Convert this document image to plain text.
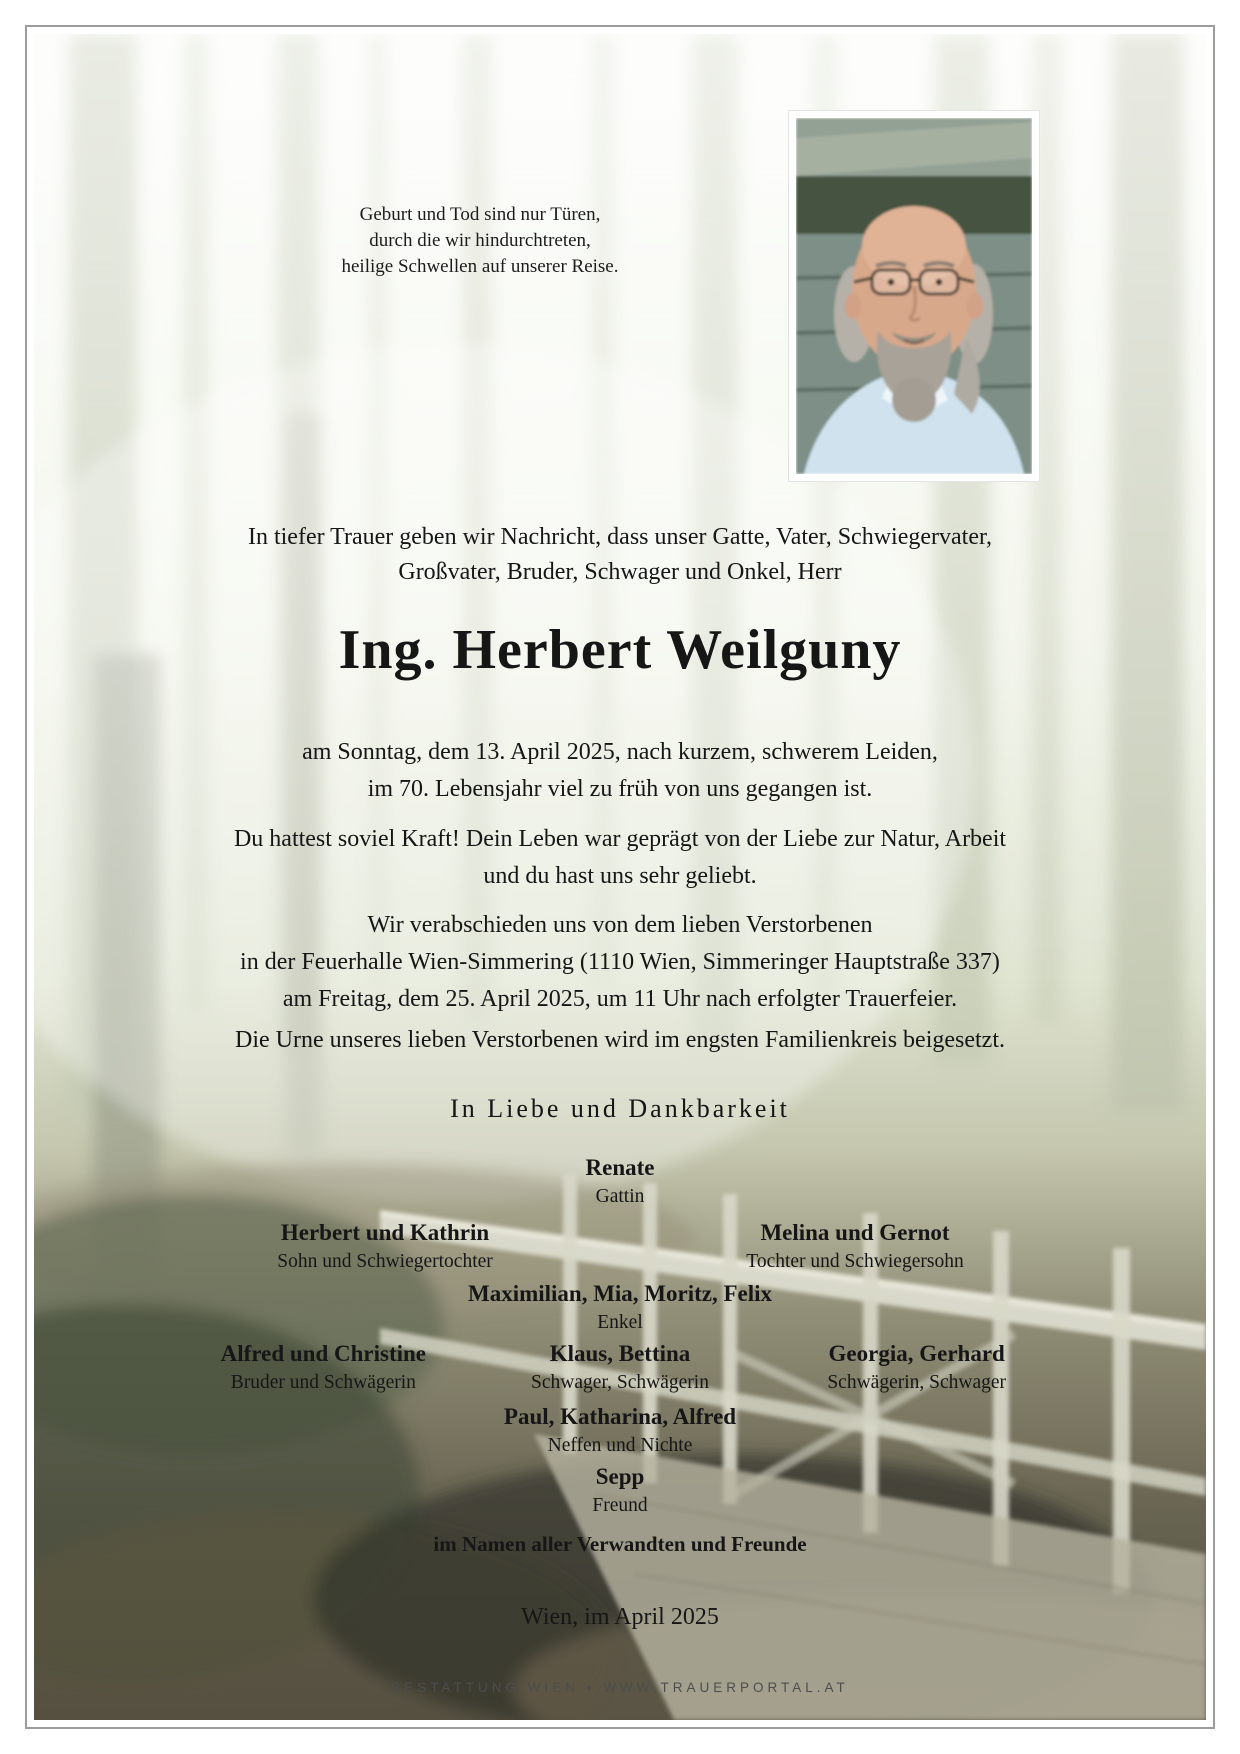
Geburt und Tod sind nur Türen,
durch die wir hindurchtreten,
heilige Schwellen auf unserer Reise.
In tiefer Trauer geben wir Nachricht, dass unser Gatte, Vater, Schwiegervater,
Großvater, Bruder, Schwager und Onkel, Herr
Ing. Herbert Weilguny
am Sonntag, dem 13. April 2025, nach kurzem, schwerem Leiden,
im 70. Lebensjahr viel zu früh von uns gegangen ist.
Du hattest soviel Kraft! Dein Leben war geprägt von der Liebe zur Natur, Arbeit
und du hast uns sehr geliebt.
Wir verabschieden uns von dem lieben Verstorbenen
in der Feuerhalle Wien-Simmering (1110 Wien, Simmeringer Hauptstraße 337)
am Freitag, dem 25. April 2025, um 11 Uhr nach erfolgter Trauerfeier.
Die Urne unseres lieben Verstorbenen wird im engsten Familienkreis beigesetzt.
In Liebe und Dankbarkeit
Renate
Gattin
Herbert und Kathrin
Sohn und Schwiegertochter
Melina und Gernot
Tochter und Schwiegersohn
Maximilian, Mia, Moritz, Felix
Enkel
Alfred und Christine
Bruder und Schwägerin
Klaus, Bettina
Schwager, Schwägerin
Georgia, Gerhard
Schwägerin, Schwager
Paul, Katharina, Alfred
Neffen und Nichte
Sepp
Freund
im Namen aller Verwandten und Freunde
Wien, im April 2025
BESTATTUNG WIEN • WWW.TRAUERPORTAL.AT
